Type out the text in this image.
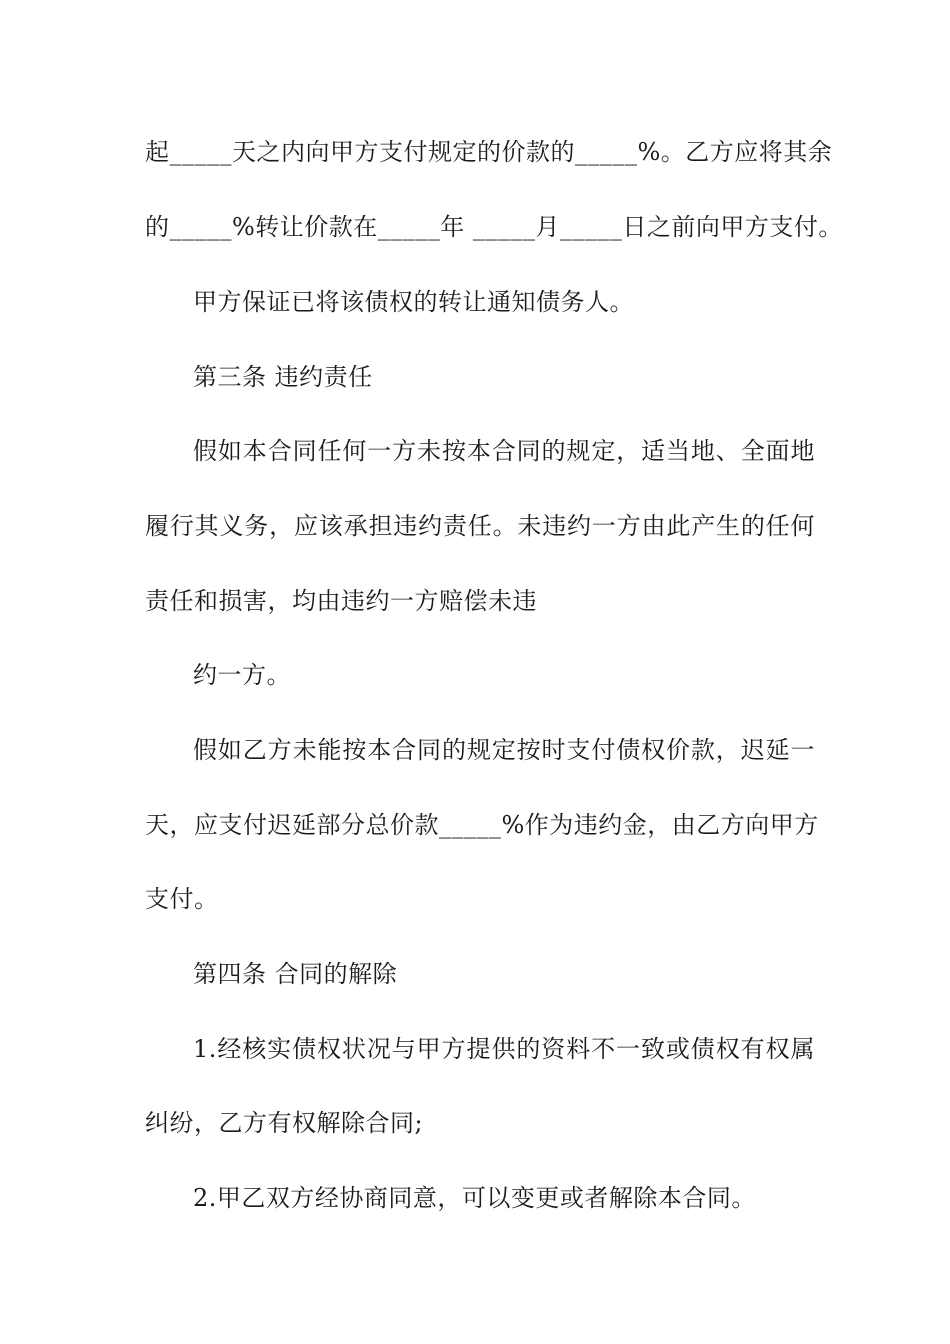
起_____天之内向甲方支付规定的价款的_____%。乙方应将其余
的_____%转让价款在_____年 _____月_____日之前向甲方支付。
甲方保证已将该债权的转让通知债务人。
第三条 违约责任
假如本合同任何一方未按本合同的规定，适当地、全面地
履行其义务，应该承担违约责任。未违约一方由此产生的任何
责任和损害，均由违约一方赔偿未违
约一方。
假如乙方未能按本合同的规定按时支付债权价款，迟延一
天，应支付迟延部分总价款_____%作为违约金，由乙方向甲方
支付。
第四条 合同的解除
1.经核实债权状况与甲方提供的资料不一致或债权有权属
纠纷，乙方有权解除合同;
2.甲乙双方经协商同意，可以变更或者解除本合同。
